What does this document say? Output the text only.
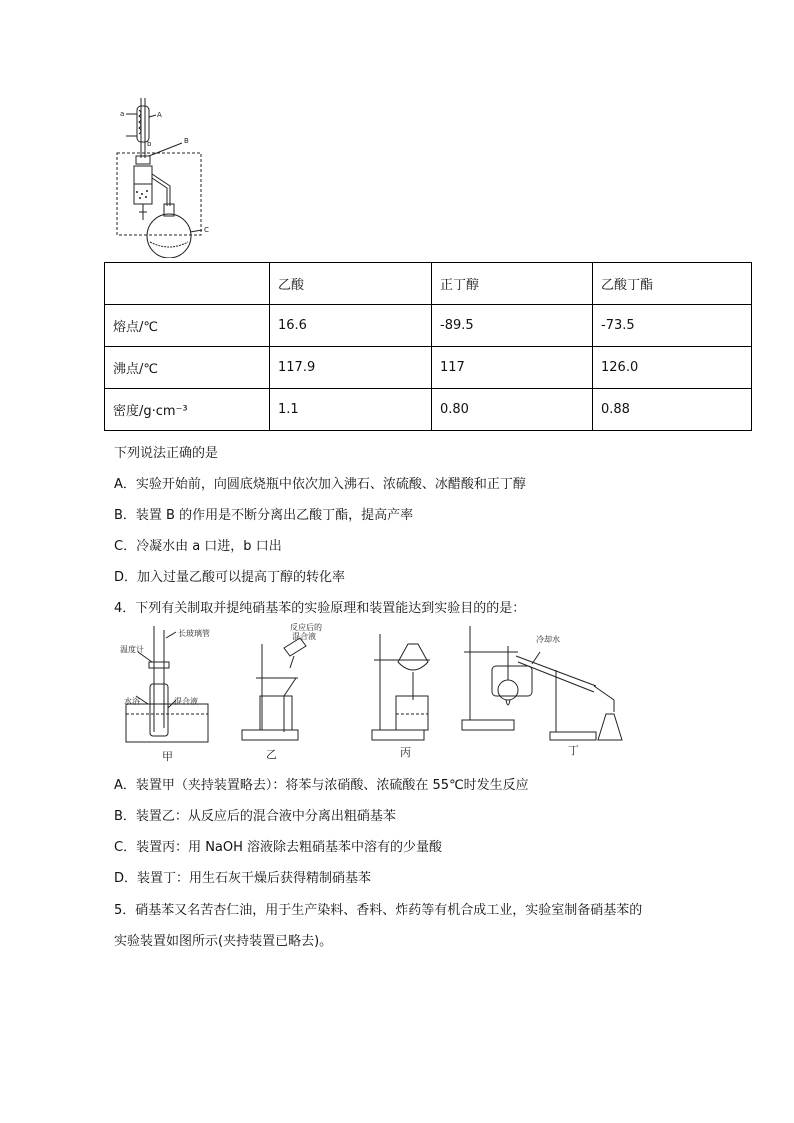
a	A
b	B
C
	乙酸	正丁醇	乙酸丁酯
熔点/℃	16.6	-89.5	-73.5
沸点/℃	117.9	117	126.0
密度/g·cm⁻³	1.1	0.80	0.88
下列说法正确的是
A．实验开始前，向圆底烧瓶中依次加入沸石、浓硫酸、冰醋酸和正丁醇
B．装置 B 的作用是不断分离出乙酸丁酯，提高产率
C．冷凝水由 a 口进，b 口出
D．加入过量乙酸可以提高丁醇的转化率
4．下列有关制取并提纯硝基苯的实验原理和装置能达到实验目的的是：
温度计
长玻璃管
水浴	混合液
反应后的
混合液	冷却水
甲	乙	丙	丁
A．装置甲（夹持装置略去）：将苯与浓硝酸、浓硫酸在 55℃时发生反应
B．装置乙：从反应后的混合液中分离出粗硝基苯
C．装置丙：用 NaOH 溶液除去粗硝基苯中溶有的少量酸
D．装置丁：用生石灰干燥后获得精制硝基苯
5．硝基苯又名苦杏仁油，用于生产染料、香料、炸药等有机合成工业，实验室制备硝基苯的
实验装置如图所示(夹持装置已略去)。
